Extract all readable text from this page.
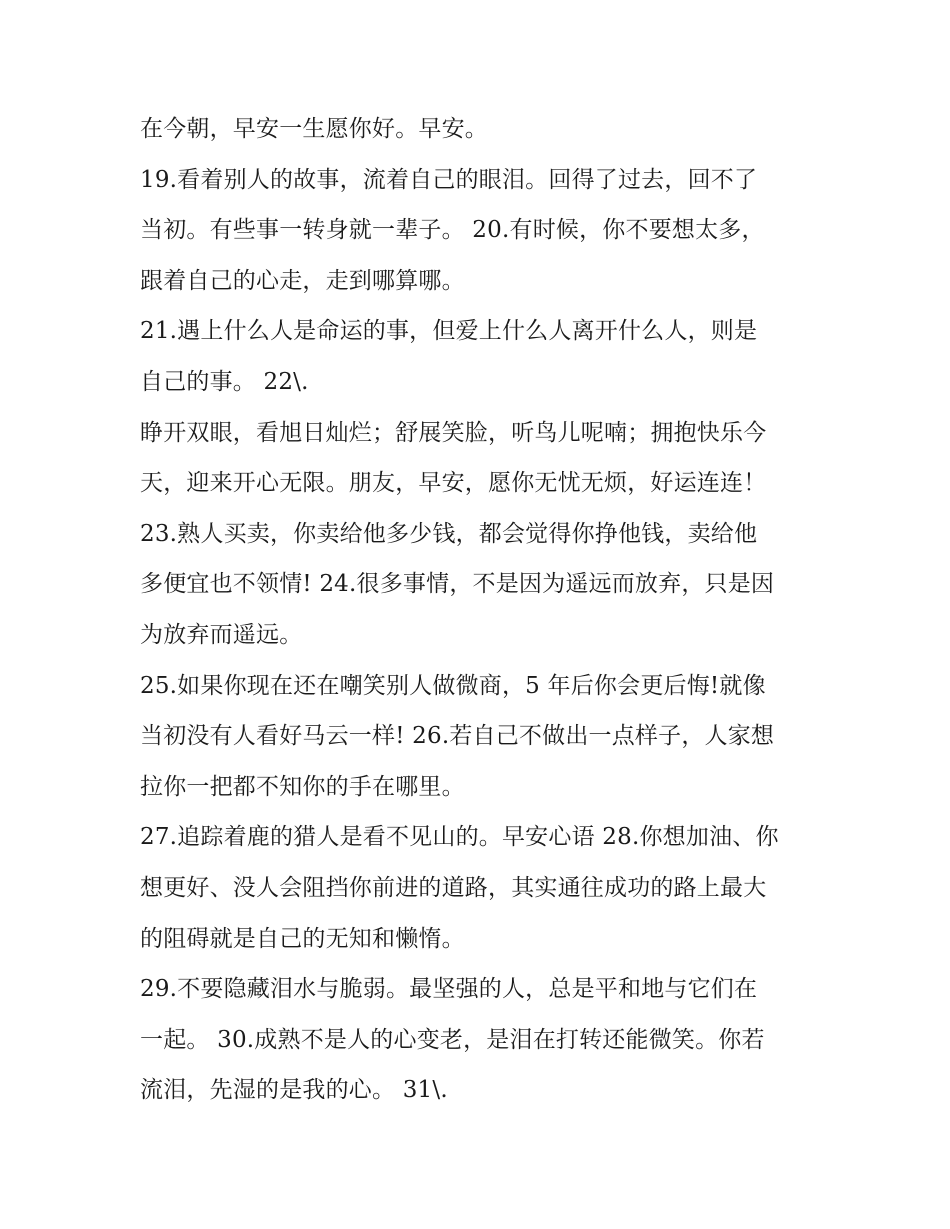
在今朝，早安一生愿你好。早安。
19.看着别人的故事，流着自己的眼泪。回得了过去，回不了
当初。有些事一转身就一辈子。 20.有时候，你不要想太多，
跟着自己的心走，走到哪算哪。
21.遇上什么人是命运的事，但爱上什么人离开什么人，则是
自己的事。 22\.
睁开双眼，看旭日灿烂；舒展笑脸，听鸟儿呢喃；拥抱快乐今
天，迎来开心无限。朋友，早安，愿你无忧无烦，好运连连！
23.熟人买卖，你卖给他多少钱，都会觉得你挣他钱，卖给他
多便宜也不领情! 24.很多事情，不是因为遥远而放弃，只是因
为放弃而遥远。
25.如果你现在还在嘲笑别人做微商，5 年后你会更后悔!就像
当初没有人看好马云一样! 26.若自己不做出一点样子，人家想
拉你一把都不知你的手在哪里。
27.追踪着鹿的猎人是看不见山的。早安心语 28.你想加油、你
想更好、没人会阻挡你前进的道路，其实通往成功的路上最大
的阻碍就是自己的无知和懒惰。
29.不要隐藏泪水与脆弱。最坚强的人，总是平和地与它们在
一起。 30.成熟不是人的心变老，是泪在打转还能微笑。你若
流泪，先湿的是我的心。 31\.
